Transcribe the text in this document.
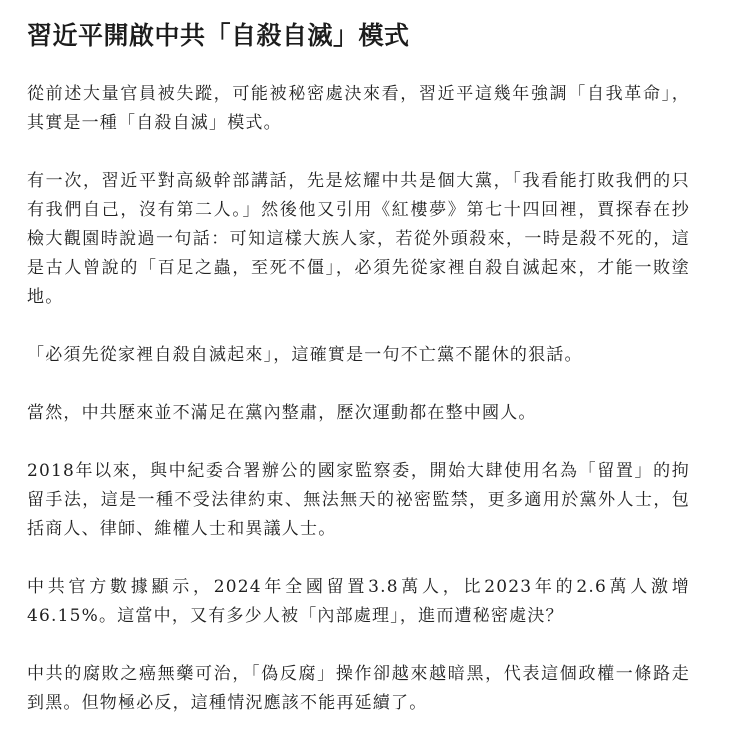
習近平開啟中共「自殺自滅」模式

從前述大量官員被失蹤，可能被秘密處決來看，習近平這幾年強調「自我革命」，其實是一種「自殺自滅」模式。

有一次，習近平對高級幹部講話，先是炫耀中共是個大黨，「我看能打敗我們的只有我們自己，沒有第二人。」然後他又引用《紅樓夢》第七十四回裡，賈探春在抄檢大觀園時說過一句話：可知這樣大族人家，若從外頭殺來，一時是殺不死的，這是古人曾說的「百足之蟲，至死不僵」，必須先從家裡自殺自滅起來，才能一敗塗地。

「必須先從家裡自殺自滅起來」，這確實是一句不亡黨不罷休的狠話。

當然，中共歷來並不滿足在黨內整肅，歷次運動都在整中國人。

2018年以來，與中紀委合署辦公的國家監察委，開始大肆使用名為「留置」的拘留手法，這是一種不受法律約束、無法無天的祕密監禁，更多適用於黨外人士，包括商人、律師、維權人士和異議人士。

中共官方數據顯示，2024年全國留置3.8萬人，比2023年的2.6萬人激增46.15%。這當中，又有多少人被「內部處理」，進而遭秘密處決？

中共的腐敗之癌無藥可治，「偽反腐」操作卻越來越暗黑，代表這個政權一條路走到黑。但物極必反，這種情況應該不能再延續了。
